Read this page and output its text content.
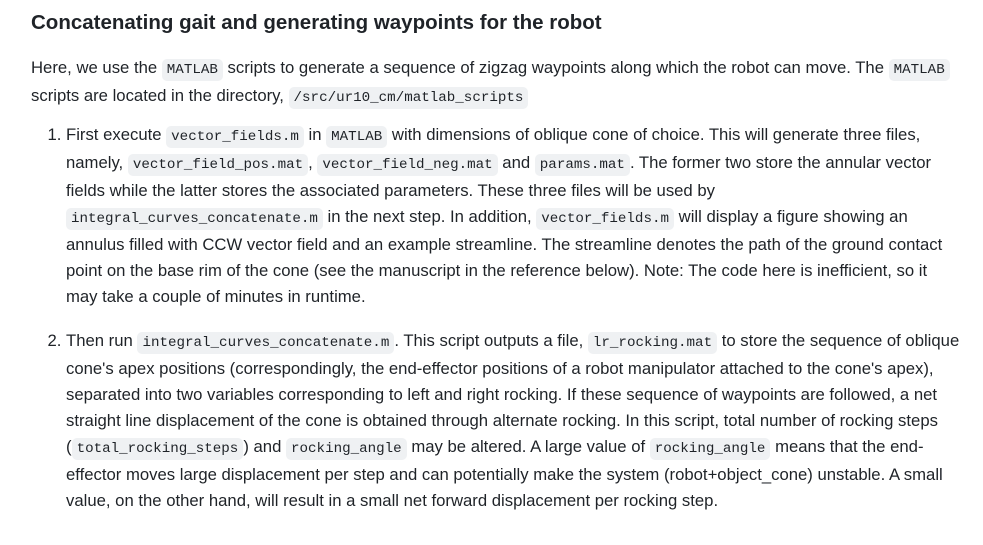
Concatenating gait and generating waypoints for the robot

Here, we use the MATLAB scripts to generate a sequence of zigzag waypoints along which the robot can move. The MATLAB scripts are located in the directory, /src/ur10_cm/matlab_scripts

1. First execute vector_fields.m in MATLAB with dimensions of oblique cone of choice. This will generate three files, namely, vector_field_pos.mat , vector_field_neg.mat and params.mat . The former two store the annular vector fields while the latter stores the associated parameters. These three files will be used by integral_curves_concatenate.m in the next step. In addition, vector_fields.m will display a figure showing an annulus filled with CCW vector field and an example streamline. The streamline denotes the path of the ground contact point on the base rim of the cone (see the manuscript in the reference below). Note: The code here is inefficient, so it may take a couple of minutes in runtime.
2. Then run integral_curves_concatenate.m . This script outputs a file, lr_rocking.mat to store the sequence of oblique cone's apex positions (correspondingly, the end-effector positions of a robot manipulator attached to the cone's apex), separated into two variables corresponding to left and right rocking. If these sequence of waypoints are followed, a net straight line displacement of the cone is obtained through alternate rocking. In this script, total number of rocking steps ( total_rocking_steps ) and rocking_angle may be altered. A large value of rocking_angle means that the end-effector moves large displacement per step and can potentially make the system (robot+object_cone) unstable. A small value, on the other hand, will result in a small net forward displacement per rocking step.
